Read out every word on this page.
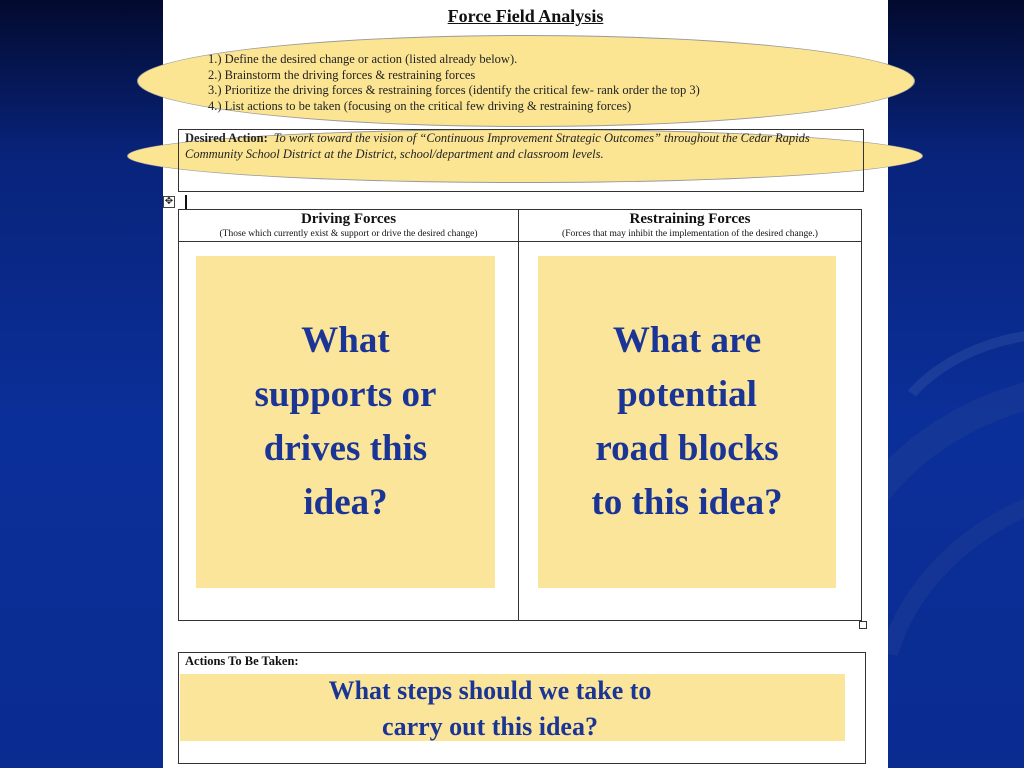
Force Field Analysis
1.) Define the desired change or action (listed already below).
2.) Brainstorm the driving forces & restraining forces
3.) Prioritize the driving forces & restraining forces (identify the critical few- rank order the top 3)
4.) List actions to be taken (focusing on the critical few driving & restraining forces)

Desired Action: To work toward the vision of “Continuous Improvement Strategic Outcomes” throughout the Cedar Rapids Community School District at the District, school/department and classroom levels.

✥
Driving Forces
(Those which currently exist & support or drive the desired change)
Restraining Forces
(Forces that may inhibit the implementation of the desired change.)
What
supports or
drives this
idea?
What are
potential
road blocks
to this idea?

Actions To Be Taken:

What steps should we take to
carry out this idea?
